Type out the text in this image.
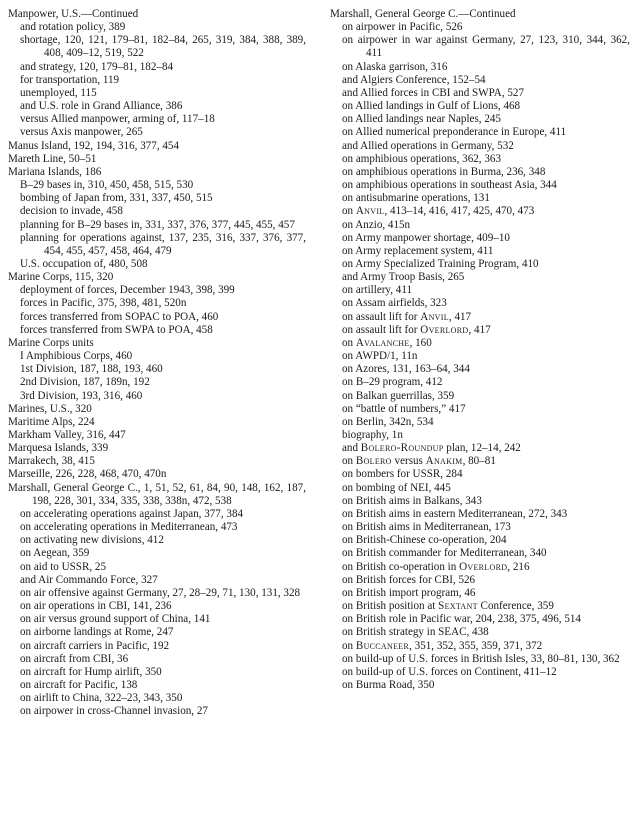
Manpower, U.S.—Continued

and rotation policy, 389

shortage, 120, 121, 179–81, 182–84, 265, 319, 384, 388, 389, 408, 409–12, 519, 522

and strategy, 120, 179–81, 182–84

for transportation, 119

unemployed, 115

and U.S. role in Grand Alliance, 386

versus Allied manpower, arming of, 117–18

versus Axis manpower, 265

Manus Island, 192, 194, 316, 377, 454

Mareth Line, 50–51

Mariana Islands, 186

B–29 bases in, 310, 450, 458, 515, 530

bombing of Japan from, 331, 337, 450, 515

decision to invade, 458

planning for B–29 bases in, 331, 337, 376, 377, 445, 455, 457

planning for operations against, 137, 235, 316, 337, 376, 377, 454, 455, 457, 458, 464, 479

U.S. occupation of, 480, 508

Marine Corps, 115, 320

deployment of forces, December 1943, 398, 399

forces in Pacific, 375, 398, 481, 520n

forces transferred from SOPAC to POA, 460

forces transferred from SWPA to POA, 458

Marine Corps units

I Amphibious Corps, 460

1st Division, 187, 188, 193, 460

2nd Division, 187, 189n, 192

3rd Division, 193, 316, 460

Marines, U.S., 320

Maritime Alps, 224

Markham Valley, 316, 447

Marquesa Islands, 339

Marrakech, 38, 415

Marseille, 226, 228, 468, 470, 470n

Marshall, General George C., 1, 51, 52, 61, 84, 90, 148, 162, 187, 198, 228, 301, 334, 335, 338, 338n, 472, 538

on accelerating operations against Japan, 377, 384

on accelerating operations in Mediterranean, 473

on activating new divisions, 412

on Aegean, 359

on aid to USSR, 25

and Air Commando Force, 327

on air offensive against Germany, 27, 28–29, 71, 130, 131, 328

on air operations in CBI, 141, 236

on air versus ground support of China, 141

on airborne landings at Rome, 247

on aircraft carriers in Pacific, 192

on aircraft from CBI, 36

on aircraft for Hump airlift, 350

on aircraft for Pacific, 138

on airlift to China, 322–23, 343, 350

on airpower in cross-Channel invasion, 27

Marshall, General George C.—Continued

on airpower in Pacific, 526

on airpower in war against Germany, 27, 123, 310, 344, 362, 411

on Alaska garrison, 316

and Algiers Conference, 152–54

and Allied forces in CBI and SWPA, 527

on Allied landings in Gulf of Lions, 468

on Allied landings near Naples, 245

on Allied numerical preponderance in Europe, 411

and Allied operations in Germany, 532

on amphibious operations, 362, 363

on amphibious operations in Burma, 236, 348

on amphibious operations in southeast Asia, 344

on antisubmarine operations, 131

on Anvil, 413–14, 416, 417, 425, 470, 473

on Anzio, 415n

on Army manpower shortage, 409–10

on Army replacement system, 411

on Army Specialized Training Program, 410

and Army Troop Basis, 265

on artillery, 411

on Assam airfields, 323

on assault lift for Anvil, 417

on assault lift for Overlord, 417

on Avalanche, 160

on AWPD/1, 11n

on Azores, 131, 163–64, 344

on B–29 program, 412

on Balkan guerrillas, 359

on “battle of numbers,” 417

on Berlin, 342n, 534

biography, 1n

and Bolero-Roundup plan, 12–14, 242

on Bolero versus Anakim, 80–81

on bombers for USSR, 284

on bombing of NEI, 445

on British aims in Balkans, 343

on British aims in eastern Mediterranean, 272, 343

on British aims in Mediterranean, 173

on British-Chinese co-operation, 204

on British commander for Mediterranean, 340

on British co-operation in Overlord, 216

on British forces for CBI, 526

on British import program, 46

on British position at Sextant Conference, 359

on British role in Pacific war, 204, 238, 375, 496, 514

on British strategy in SEAC, 438

on Buccaneer, 351, 352, 355, 359, 371, 372

on build-up of U.S. forces in British Isles, 33, 80–81, 130, 362

on build-up of U.S. forces on Continent, 411–12

on Burma Road, 350
